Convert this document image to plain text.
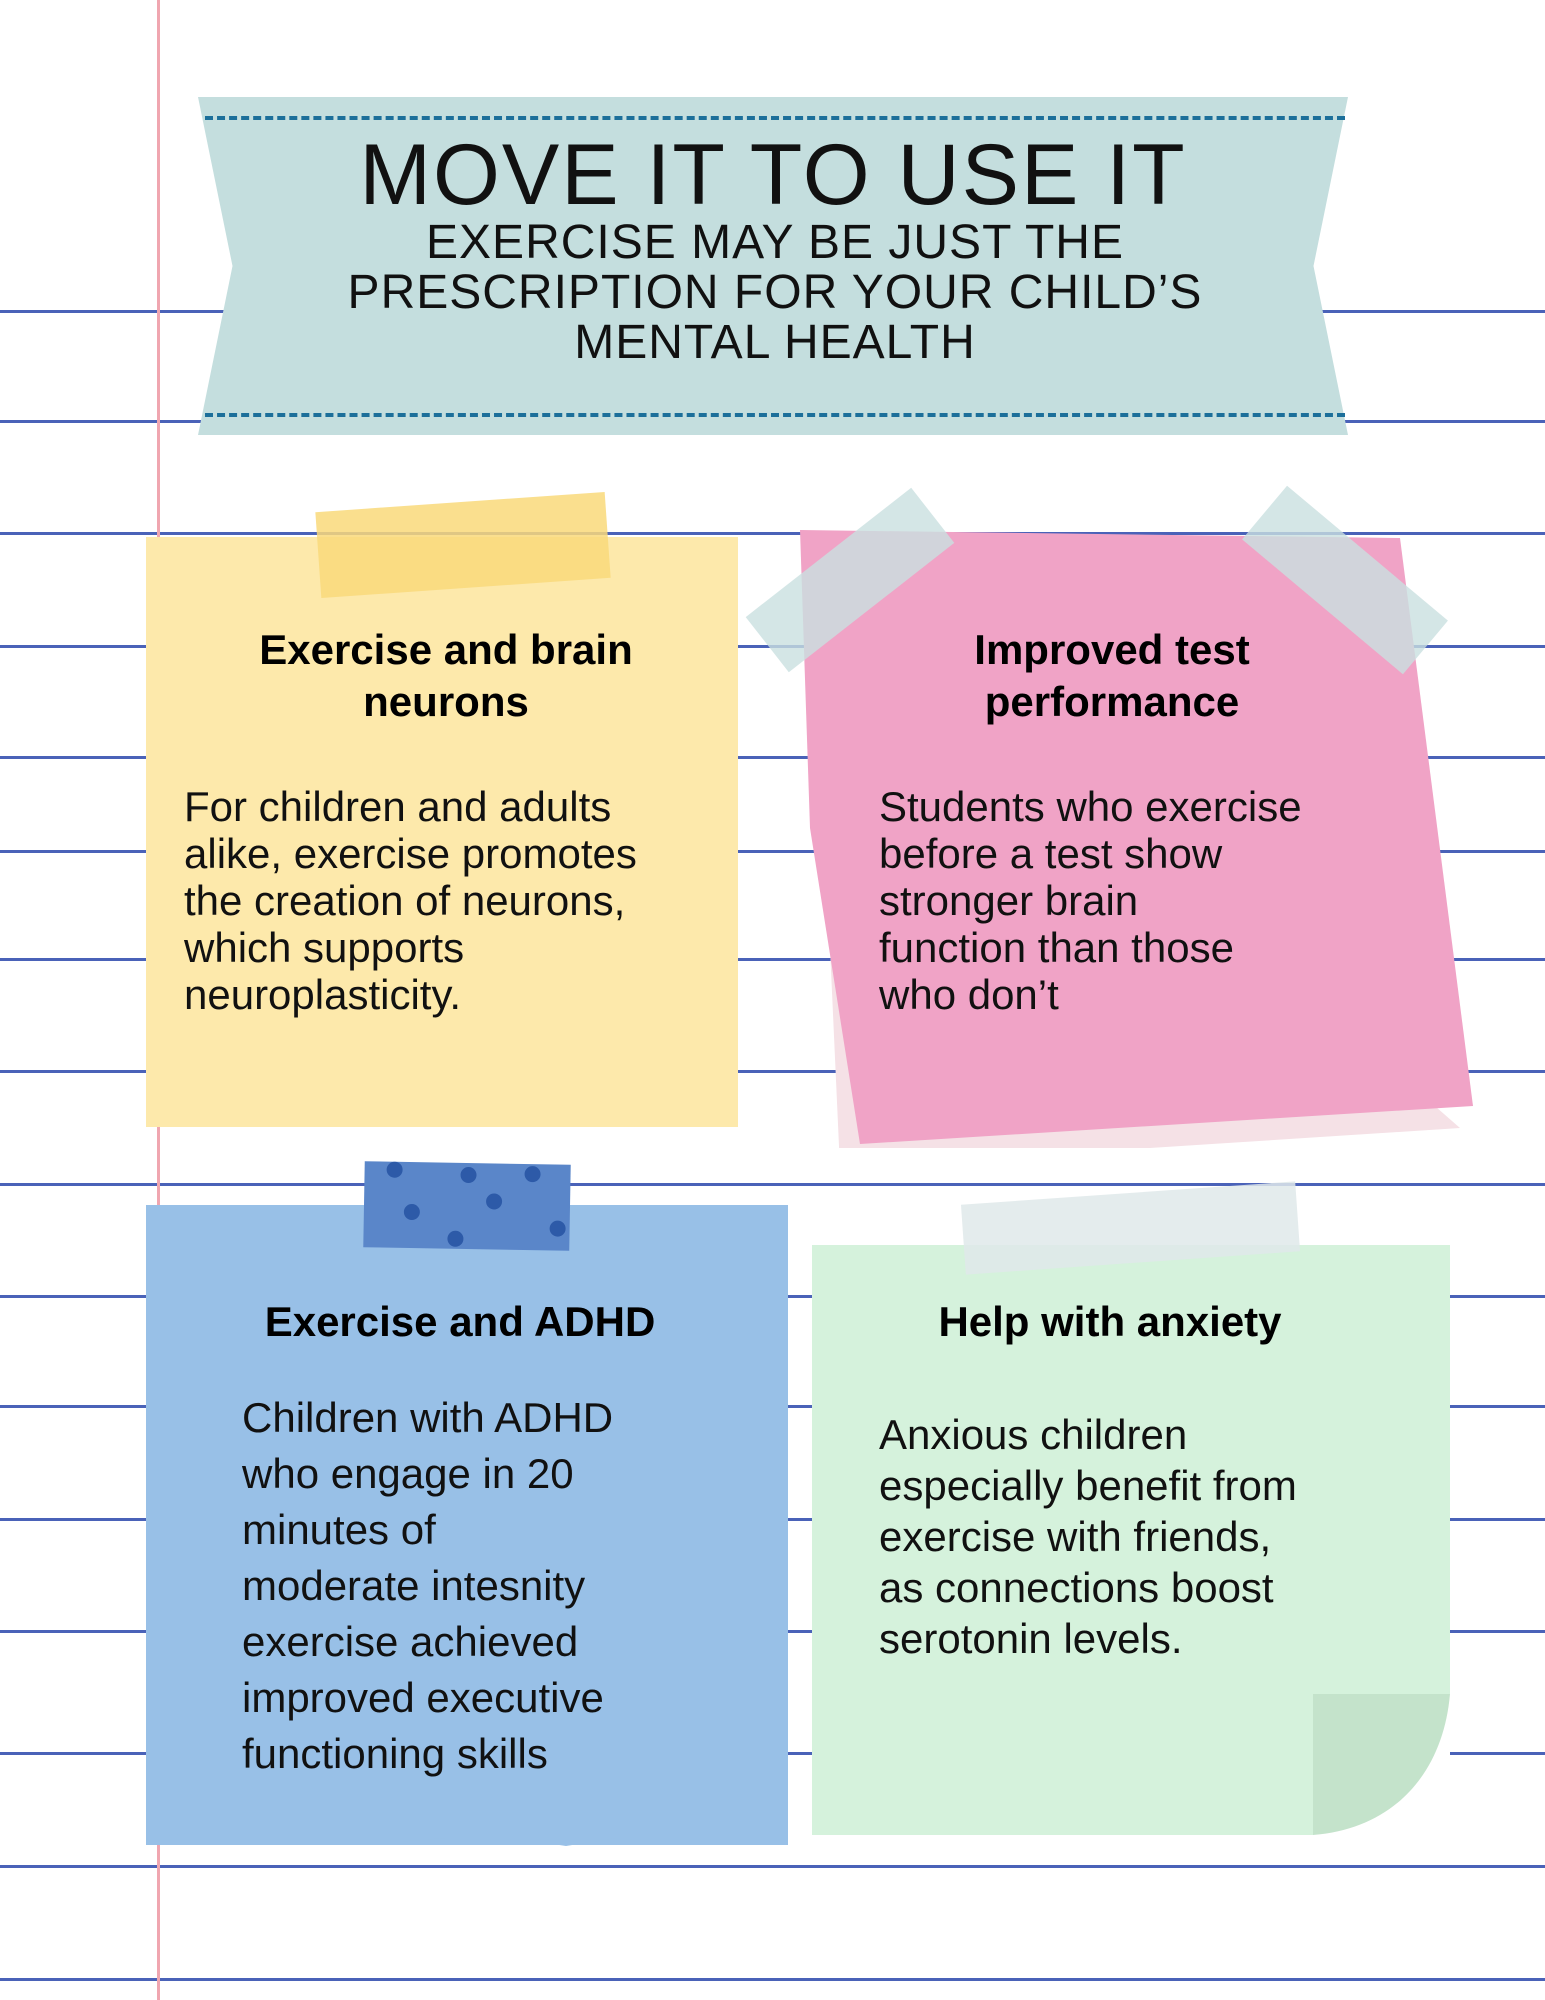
MOVE IT TO USE IT
EXERCISE MAY BE JUST THE
PRESCRIPTION FOR YOUR CHILD’S
MENTAL HEALTH
Exercise and brain
neurons
For children and adults
alike, exercise promotes
the creation of neurons,
which supports
neuroplasticity.
Improved test
performance
Students who exercise
before a test show
stronger brain
function than those
who don’t
Exercise and ADHD
Children with ADHD
who engage in 20
minutes of
moderate intesnity
exercise achieved
improved executive
functioning skills
Help with anxiety
Anxious children
especially benefit from
exercise with friends,
as connections boost
serotonin levels.
